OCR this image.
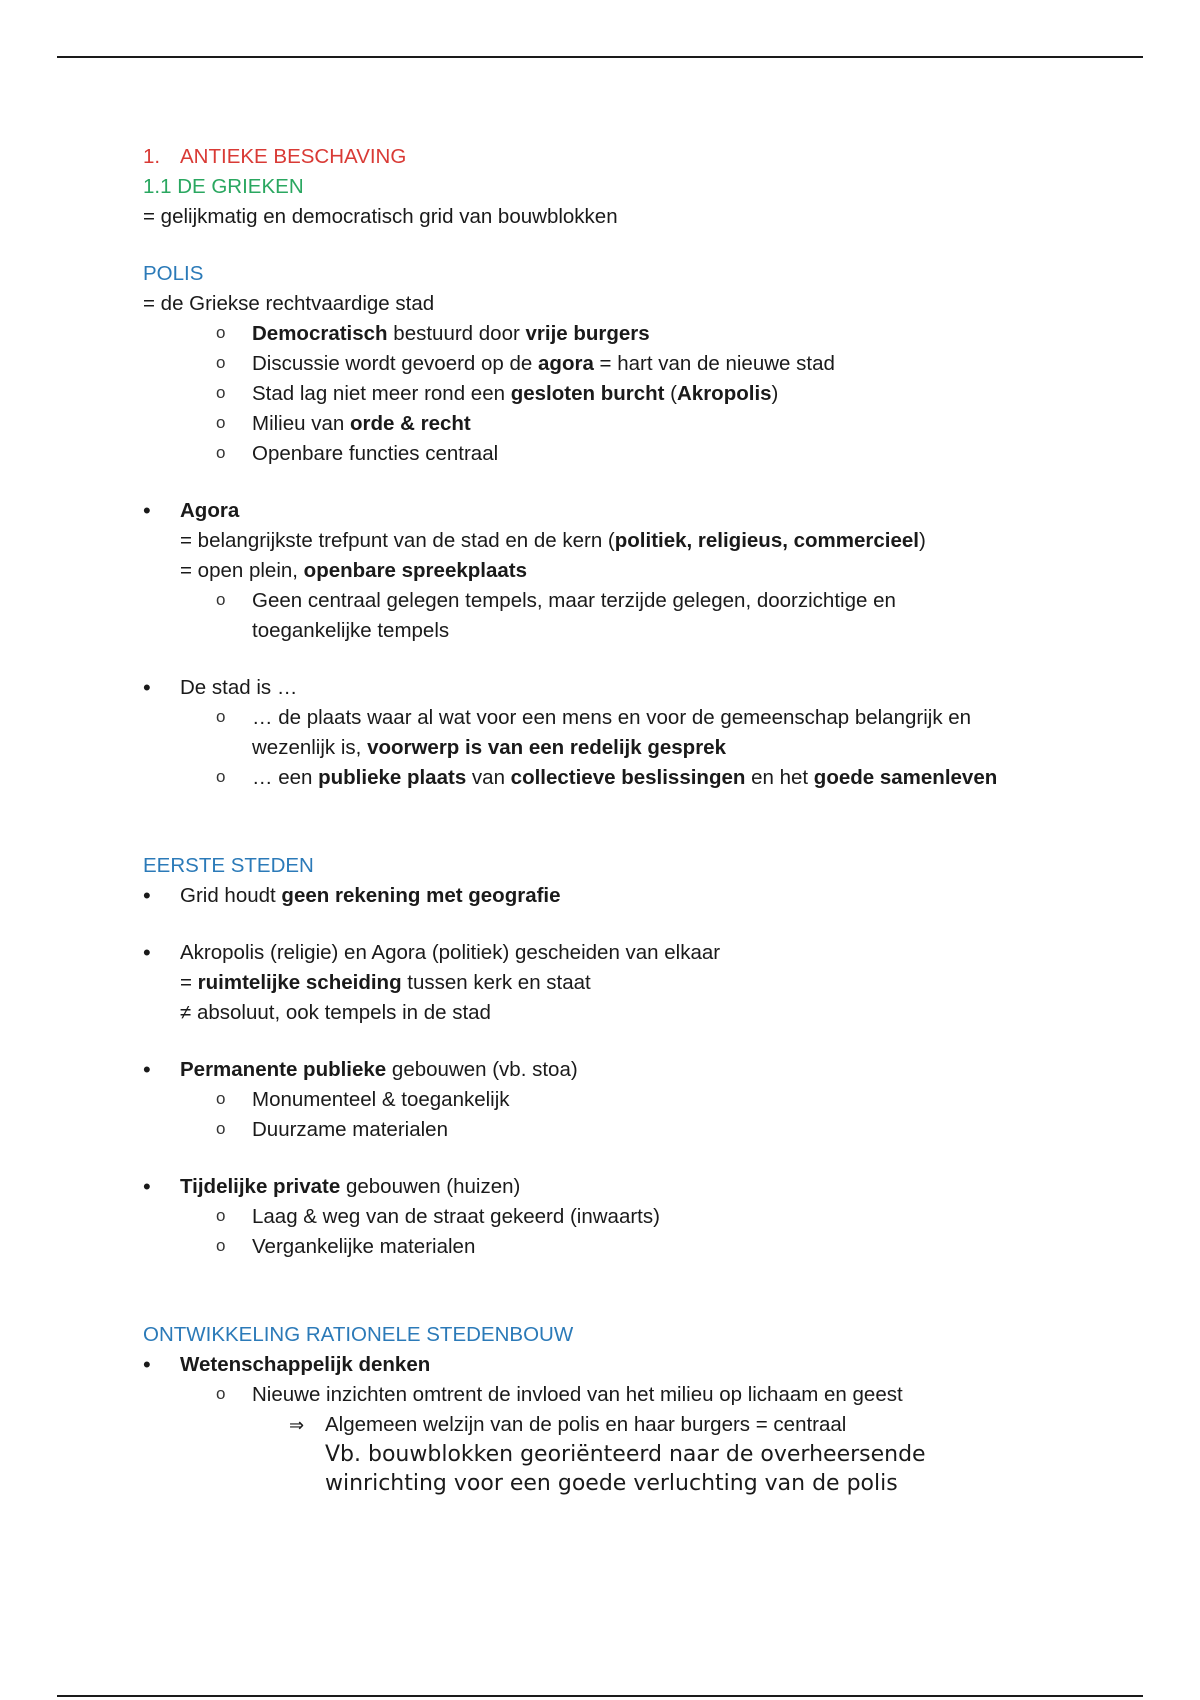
1. ANTIEKE BESCHAVING
1.1 DE GRIEKEN
= gelijkmatig en democratisch grid van bouwblokken
POLIS
= de Griekse rechtvaardige stad
o Democratisch bestuurd door vrije burgers
o Discussie wordt gevoerd op de agora = hart van de nieuwe stad
o Stad lag niet meer rond een gesloten burcht (Akropolis)
o Milieu van orde & recht
o Openbare functies centraal
• Agora
= belangrijkste trefpunt van de stad en de kern (politiek, religieus, commercieel)
= open plein, openbare spreekplaats
o Geen centraal gelegen tempels, maar terzijde gelegen, doorzichtige en
toegankelijke tempels
• De stad is …
o … de plaats waar al wat voor een mens en voor de gemeenschap belangrijk en
wezenlijk is, voorwerp is van een redelijk gesprek
o … een publieke plaats van collectieve beslissingen en het goede samenleven
EERSTE STEDEN
• Grid houdt geen rekening met geografie
• Akropolis (religie) en Agora (politiek) gescheiden van elkaar
= ruimtelijke scheiding tussen kerk en staat
≠ absoluut, ook tempels in de stad
• Permanente publieke gebouwen (vb. stoa)
o Monumenteel & toegankelijk
o Duurzame materialen
• Tijdelijke private gebouwen (huizen)
o Laag & weg van de straat gekeerd (inwaarts)
o Vergankelijke materialen
ONTWIKKELING RATIONELE STEDENBOUW
• Wetenschappelijk denken
o Nieuwe inzichten omtrent de invloed van het milieu op lichaam en geest
⇒ Algemeen welzijn van de polis en haar burgers = centraal
Vb. bouwblokken georiënteerd naar de overheersende
winrichting voor een goede verluchting van de polis
